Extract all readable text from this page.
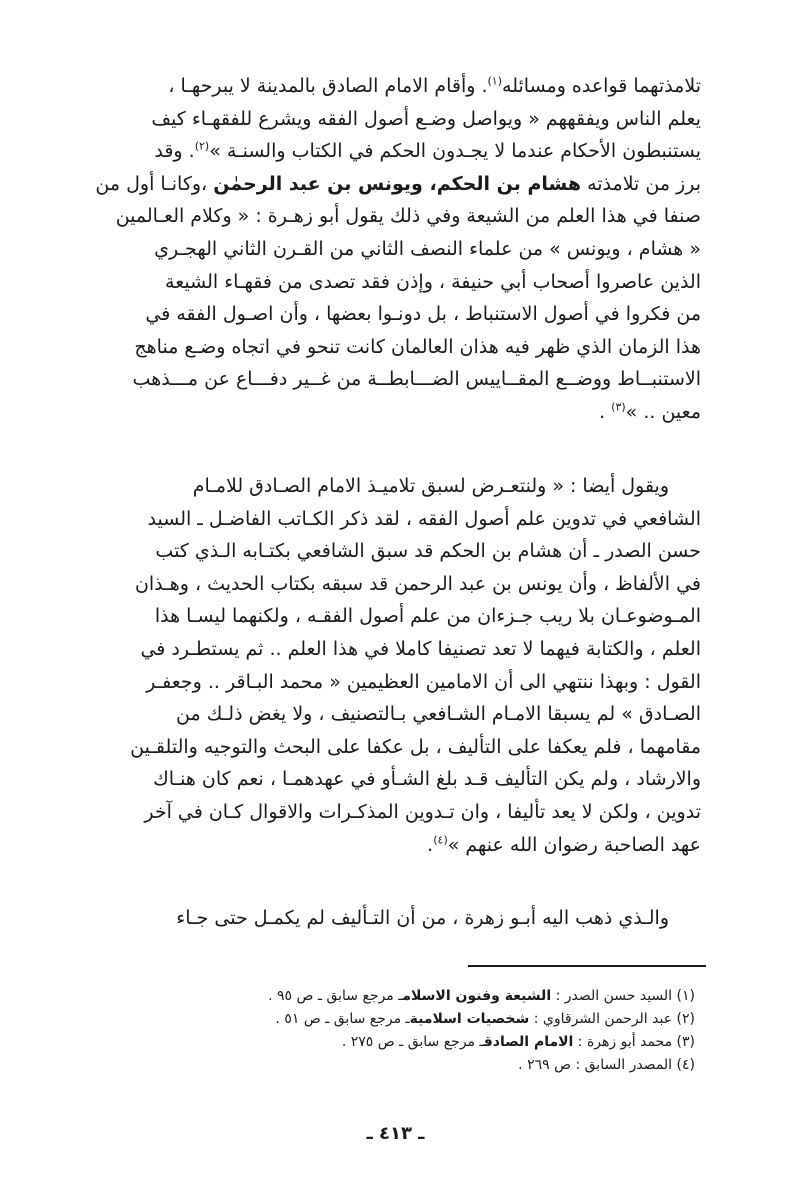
تلامذتهما قواعده ومسائله$^{(١)}$. وأقام الامام الصادق بالمدينة لا يبرحهـا ،
يعلم الناس ويفقههم « ويواصل وضـع أصول الفقه ويشرع للفقهـاء كيف
يستنبطون الأحكام عندما لا يجـدون الحكم في الكتاب والسنـة »$^{(٢)}$. وقد
برز من تلامذته هشام بن الحكم، ويونس بن عبد الرحمٰن ،وكانـا أول من
صنفا في هذا العلم من الشيعة وفي ذلك يقول أبو زهـرة : « وكلام العـالمين
« هشام ، ويونس » من علماء النصف الثاني من القـرن الثاني الهجـري
الذين عاصروا أصحاب أبي حنيفة ، وإذن فقد تصدى من فقهـاء الشيعة
من فكروا في أصول الاستنباط ، بل دونـوا بعضها ، وأن اصـول الفقه في
هذا الزمان الذي ظهر فيه هذان العالمان كانت تنحو في اتجاه وضـع مناهج
الاستنبــاط ووضــع المقــاييس الضـــابطــة من غــير دفـــاع عن مـــذهب
معين .. »$^{(٣)}$ .
ويقول أيضا : « ولنتعـرض لسبق تلاميـذ الامام الصـادق للامـام
الشافعي في تدوين علم أصول الفقه ، لقد ذكر الكـاتب الفاضـل ـ السيد
حسن الصدر ـ أن هشام بن الحكم قد سبق الشافعي بكتـابه الـذي كتب
في الألفاظ ، وأن يونس بن عبد الرحمن قد سبقه بكتاب الحديث ، وهـذان
المـوضوعـان بلا ريب جـزءان من علم أصول الفقـه ، ولكنهما ليسـا هذا
العلم ، والكتابة فيهما لا تعد تصنيفا كاملا في هذا العلم .. ثم يستطـرد في
القول : وبهذا ننتهي الى أن الامامين العظيمين « محمد البـاقر .. وجعفـر
الصـادق » لم يسبقا الامـام الشـافعي بـالتصنيف ، ولا يغض ذلـك من
مقامهما ، فلم يعكفا على التأليف ، بل عكفا على البحث والتوجيه والتلقـين
والارشاد ، ولم يكن التأليف قـد بلغ الشـأو في عهدهمـا ، نعم كان هنـاك
تدوين ، ولكن لا يعد تأليفا ، وان تـدوين المذكـرات والاقوال كـان في آخر
عهد الصاحبة رضوان الله عنهم »$^{(٤)}$.
والـذي ذهب اليه أبـو زهرة ، من أن التـأليف لم يكمـل حتى جـاء
(١) السيد حسن الصدر : الشيعة وفنون الاسلامـ مرجع سابق ـ ص ٩٥ .
(٢) عبد الرحمن الشرقاوي : شخصيات اسلاميةـ مرجع سابق ـ ص ٥١ .
(٣) محمد أبو زهرة : الامام الصادقـ مرجع سابق ـ ص ٢٧٥ .
(٤) المصدر السابق : ص ٢٦٩ .
ـ ٤١٣ ـ
